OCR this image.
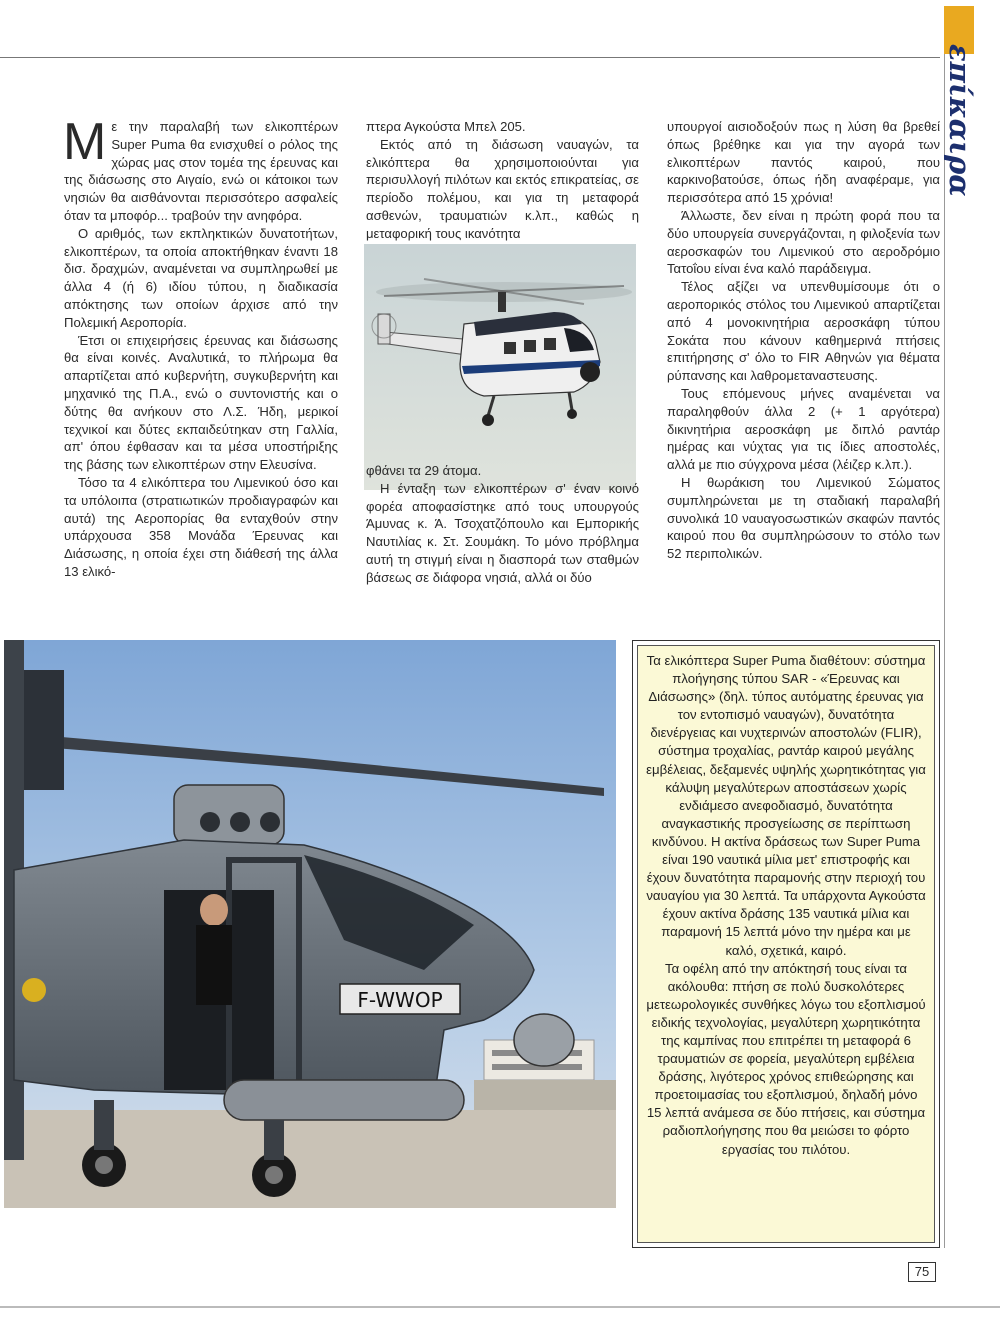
επίκαιρα

Με την παραλαβή των ελικοπτέρων Super Puma θα ενισχυθεί ο ρόλος της χώρας μας στον τομέα της έρευνας και της διάσωσης στο Αιγαίο, ενώ οι κάτοικοι των νησιών θα αισθάνονται περισσότερο ασφαλείς όταν τα μποφόρ... τραβούν την ανηφόρα.

Ο αριθμός, των εκπληκτικών δυνατοτήτων, ελικοπτέρων, τα οποία αποκτήθηκαν έναντι 18 δισ. δραχμών, αναμένεται να συμπληρωθεί με άλλα 4 (ή 6) ιδίου τύπου, η διαδικασία απόκτησης των οποίων άρχισε από την Πολεμική Αεροπορία.

Έτσι οι επιχειρήσεις έρευνας και διάσωσης θα είναι κοινές. Αναλυτικά, το πλήρωμα θα απαρτίζεται από κυβερνήτη, συγκυβερνήτη και μηχανικό της Π.Α., ενώ ο συντονιστής και ο δύτης θα ανήκουν στο Λ.Σ. Ήδη, μερικοί τεχνικοί και δύτες εκπαιδεύτηκαν στη Γαλλία, απ' όπου έφθασαν και τα μέσα υποστήριξης της βάσης των ελικοπτέρων στην Ελευσίνα.

Τόσο τα 4 ελικόπτερα του Λιμενικού όσο και τα υπόλοιπα (στρατιωτικών προδιαγραφών και αυτά) της Αεροπορίας θα ενταχθούν στην υπάρχουσα 358 Μονάδα Έρευνας και Διάσωσης, η οποία έχει στη διάθεσή της άλλα 13 ελικό-

πτερα Αγκούστα Μπελ 205.

Εκτός από τη διάσωση ναυαγών, τα ελικόπτερα θα χρησιμοποιούνται για περισυλλογή πιλότων και εκτός επικρατείας, σε περίοδο πολέμου, και για τη μεταφορά ασθενών, τραυματιών κ.λπ., καθώς η μεταφορική τους ικανότητα

φθάνει τα 29 άτομα.

Η ένταξη των ελικοπτέρων σ' έναν κοινό φορέα αποφασίστηκε από τους υπουργούς Άμυνας κ. Ά. Τσοχατζόπουλο και Εμπορικής Ναυτιλίας κ. Στ. Σουμάκη. Το μόνο πρόβλημα αυτή τη στιγμή είναι η διασπορά των σταθμών βάσεως σε διάφορα νησιά, αλλά οι δύο

υπουργοί αισιοδοξούν πως η λύση θα βρεθεί όπως βρέθηκε και για την αγορά των ελικοπτέρων παντός καιρού, που καρκινοβατούσε, όπως ήδη αναφέραμε, για περισσότερα από 15 χρόνια!

Άλλωστε, δεν είναι η πρώτη φορά που τα δύο υπουργεία συνεργάζονται, η φιλοξενία των αεροσκαφών του Λιμενικού στο αεροδρόμιο Τατοΐου είναι ένα καλό παράδειγμα.

Τέλος αξίζει να υπενθυμίσουμε ότι ο αεροπορικός στόλος του Λιμενικού απαρτίζεται από 4 μονοκινητήρια αεροσκάφη τύπου Σοκάτα που κάνουν καθημερινά πτήσεις επιτήρησης σ' όλο το FIR Αθηνών για θέματα ρύπανσης και λαθρομεταναστευσης.

Τους επόμενους μήνες αναμένεται να παραληφθούν άλλα 2 (+ 1 αργότερα) δικινητήρια αεροσκάφη με διπλό ραντάρ ημέρας και νύχτας για τις ίδιες αποστολές, αλλά με πιο σύγχρονα μέσα (λέιζερ κ.λπ.).

Η θωράκιση του Λιμενικού Σώματος συμπληρώνεται με τη σταδιακή παραλαβή συνολικά 10 ναυαγοσωστικών σκαφών παντός καιρού που θα συμπληρώσουν το στόλο των 52 περιπολικών.

F-WWOP

Τα ελικόπτερα Super Puma διαθέτουν: σύστημα πλοήγησης τύπου SAR - «Έρευνας και Διάσωσης» (δηλ. τύπος αυτόματης έρευνας για τον εντοπισμό ναυαγών), δυνατότητα διενέργειας και νυχτερινών αποστολών (FLIR), σύστημα τροχαλίας, ραντάρ καιρού μεγάλης εμβέλειας, δεξαμενές υψηλής χωρητικότητας για κάλυψη μεγαλύτερων αποστάσεων χωρίς ενδιάμεσο ανεφοδιασμό, δυνατότητα αναγκαστικής προσγείωσης σε περίπτωση κινδύνου. Η ακτίνα δράσεως των Super Puma είναι 190 ναυτικά μίλια μετ' επιστροφής και έχουν δυνατότητα παραμονής στην περιοχή του ναυαγίου για 30 λεπτά. Τα υπάρχοντα Αγκούστα έχουν ακτίνα δράσης 135 ναυτικά μίλια και παραμονή 15 λεπτά μόνο την ημέρα και με καλό, σχετικά, καιρό.

Τα οφέλη από την απόκτησή τους είναι τα ακόλουθα: πτήση σε πολύ δυσκολότερες μετεωρολογικές συνθήκες λόγω του εξοπλισμού ειδικής τεχνολογίας, μεγαλύτερη χωρητικότητα της καμπίνας που επιτρέπει τη μεταφορά 6 τραυματιών σε φορεία, μεγαλύτερη εμβέλεια δράσης, λιγότερος χρόνος επιθεώρησης και προετοιμασίας του εξοπλισμού, δηλαδή μόνο 15 λεπτά ανάμεσα σε δύο πτήσεις, και σύστημα ραδιοπλοήγησης που θα μειώσει το φόρτο εργασίας του πιλότου.

75
